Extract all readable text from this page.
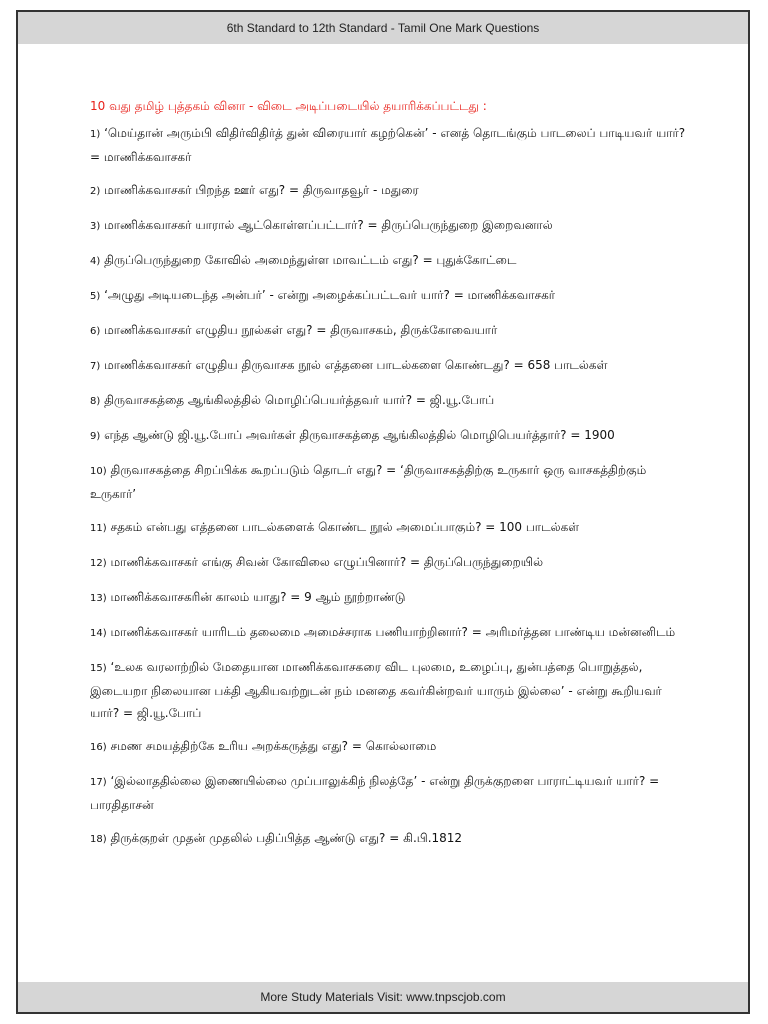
6th Standard to 12th Standard - Tamil One Mark Questions

10 வது தமிழ் புத்தகம் வினா - விடை அடிப்படையில் தயாரிக்கப்பட்டது :

1) ‘மெய்தான் அரும்பி விதிர்விதிர்த் துன் விரையார் கழற்கென்’ - எனத் தொடங்கும் பாடலைப் பாடியவர் யார்? = மாணிக்கவாசகர்

2) மாணிக்கவாசகர் பிறந்த ஊர் எது? = திருவாதவூர் - மதுரை

3) மாணிக்கவாசகர் யாரால் ஆட்கொள்ளப்பட்டார்? = திருப்பெருந்துறை இறைவனால்

4) திருப்பெருந்துறை கோவில் அமைந்துள்ள மாவட்டம் எது? = புதுக்கோட்டை

5) ‘அழுது அடியடைந்த அன்பர்’ - என்று அழைக்கப்பட்டவர் யார்? = மாணிக்கவாசகர்

6) மாணிக்கவாசகர் எழுதிய நூல்கள் எது? = திருவாசகம், திருக்கோவையார்

7) மாணிக்கவாசகர் எழுதிய திருவாசக நூல் எத்தனை பாடல்களை கொண்டது? = 658 பாடல்கள்

8) திருவாசகத்தை ஆங்கிலத்தில் மொழிப்பெயர்த்தவர் யார்? = ஜி.யூ.போப்

9) எந்த ஆண்டு ஜி.யூ.போப் அவர்கள் திருவாசகத்தை ஆங்கிலத்தில் மொழிபெயர்த்தார்? = 1900

10) திருவாசகத்தை சிறப்பிக்க கூறப்படும் தொடர் எது? = ‘திருவாசகத்திற்கு உருகார் ஒரு வாசகத்திற்கும் உருகார்’

11) சதகம் என்பது எத்தனை பாடல்களைக் கொண்ட நூல் அமைப்பாகும்? = 100 பாடல்கள்

12) மாணிக்கவாசகர் எங்கு சிவன் கோவிலை எழுப்பினார்? = திருப்பெருந்துறையில்

13) மாணிக்கவாசகரின் காலம் யாது? = 9 ஆம் நூற்றாண்டு

14) மாணிக்கவாசகர் யாரிடம் தலைமை அமைச்சராக பணியாற்றினார்? = அரிமர்த்தன பாண்டிய மன்னனிடம்

15) ‘உலக வரலாற்றில் மேதையான மாணிக்கவாசகரை விட புலமை, உழைப்பு, துன்பத்தை பொறுத்தல், இடையறா நிலையான பக்தி ஆகியவற்றுடன் நம் மனதை கவர்கின்றவர் யாரும் இல்லை’ - என்று கூறியவர் யார்? = ஜி.யூ.போப்

16) சமண சமயத்திற்கே உரிய அறக்கருத்து எது? = கொல்லாமை

17) ‘இல்லாததில்லை இணையில்லை முப்பாலுக்கிந் நிலத்தே’ - என்று திருக்குறளை பாராட்டியவர் யார்? = பாரதிதாசன்

18) திருக்குறள் முதன் முதலில் பதிப்பித்த ஆண்டு எது? = கி.பி.1812

More Study Materials Visit: www.tnpscjob.com
